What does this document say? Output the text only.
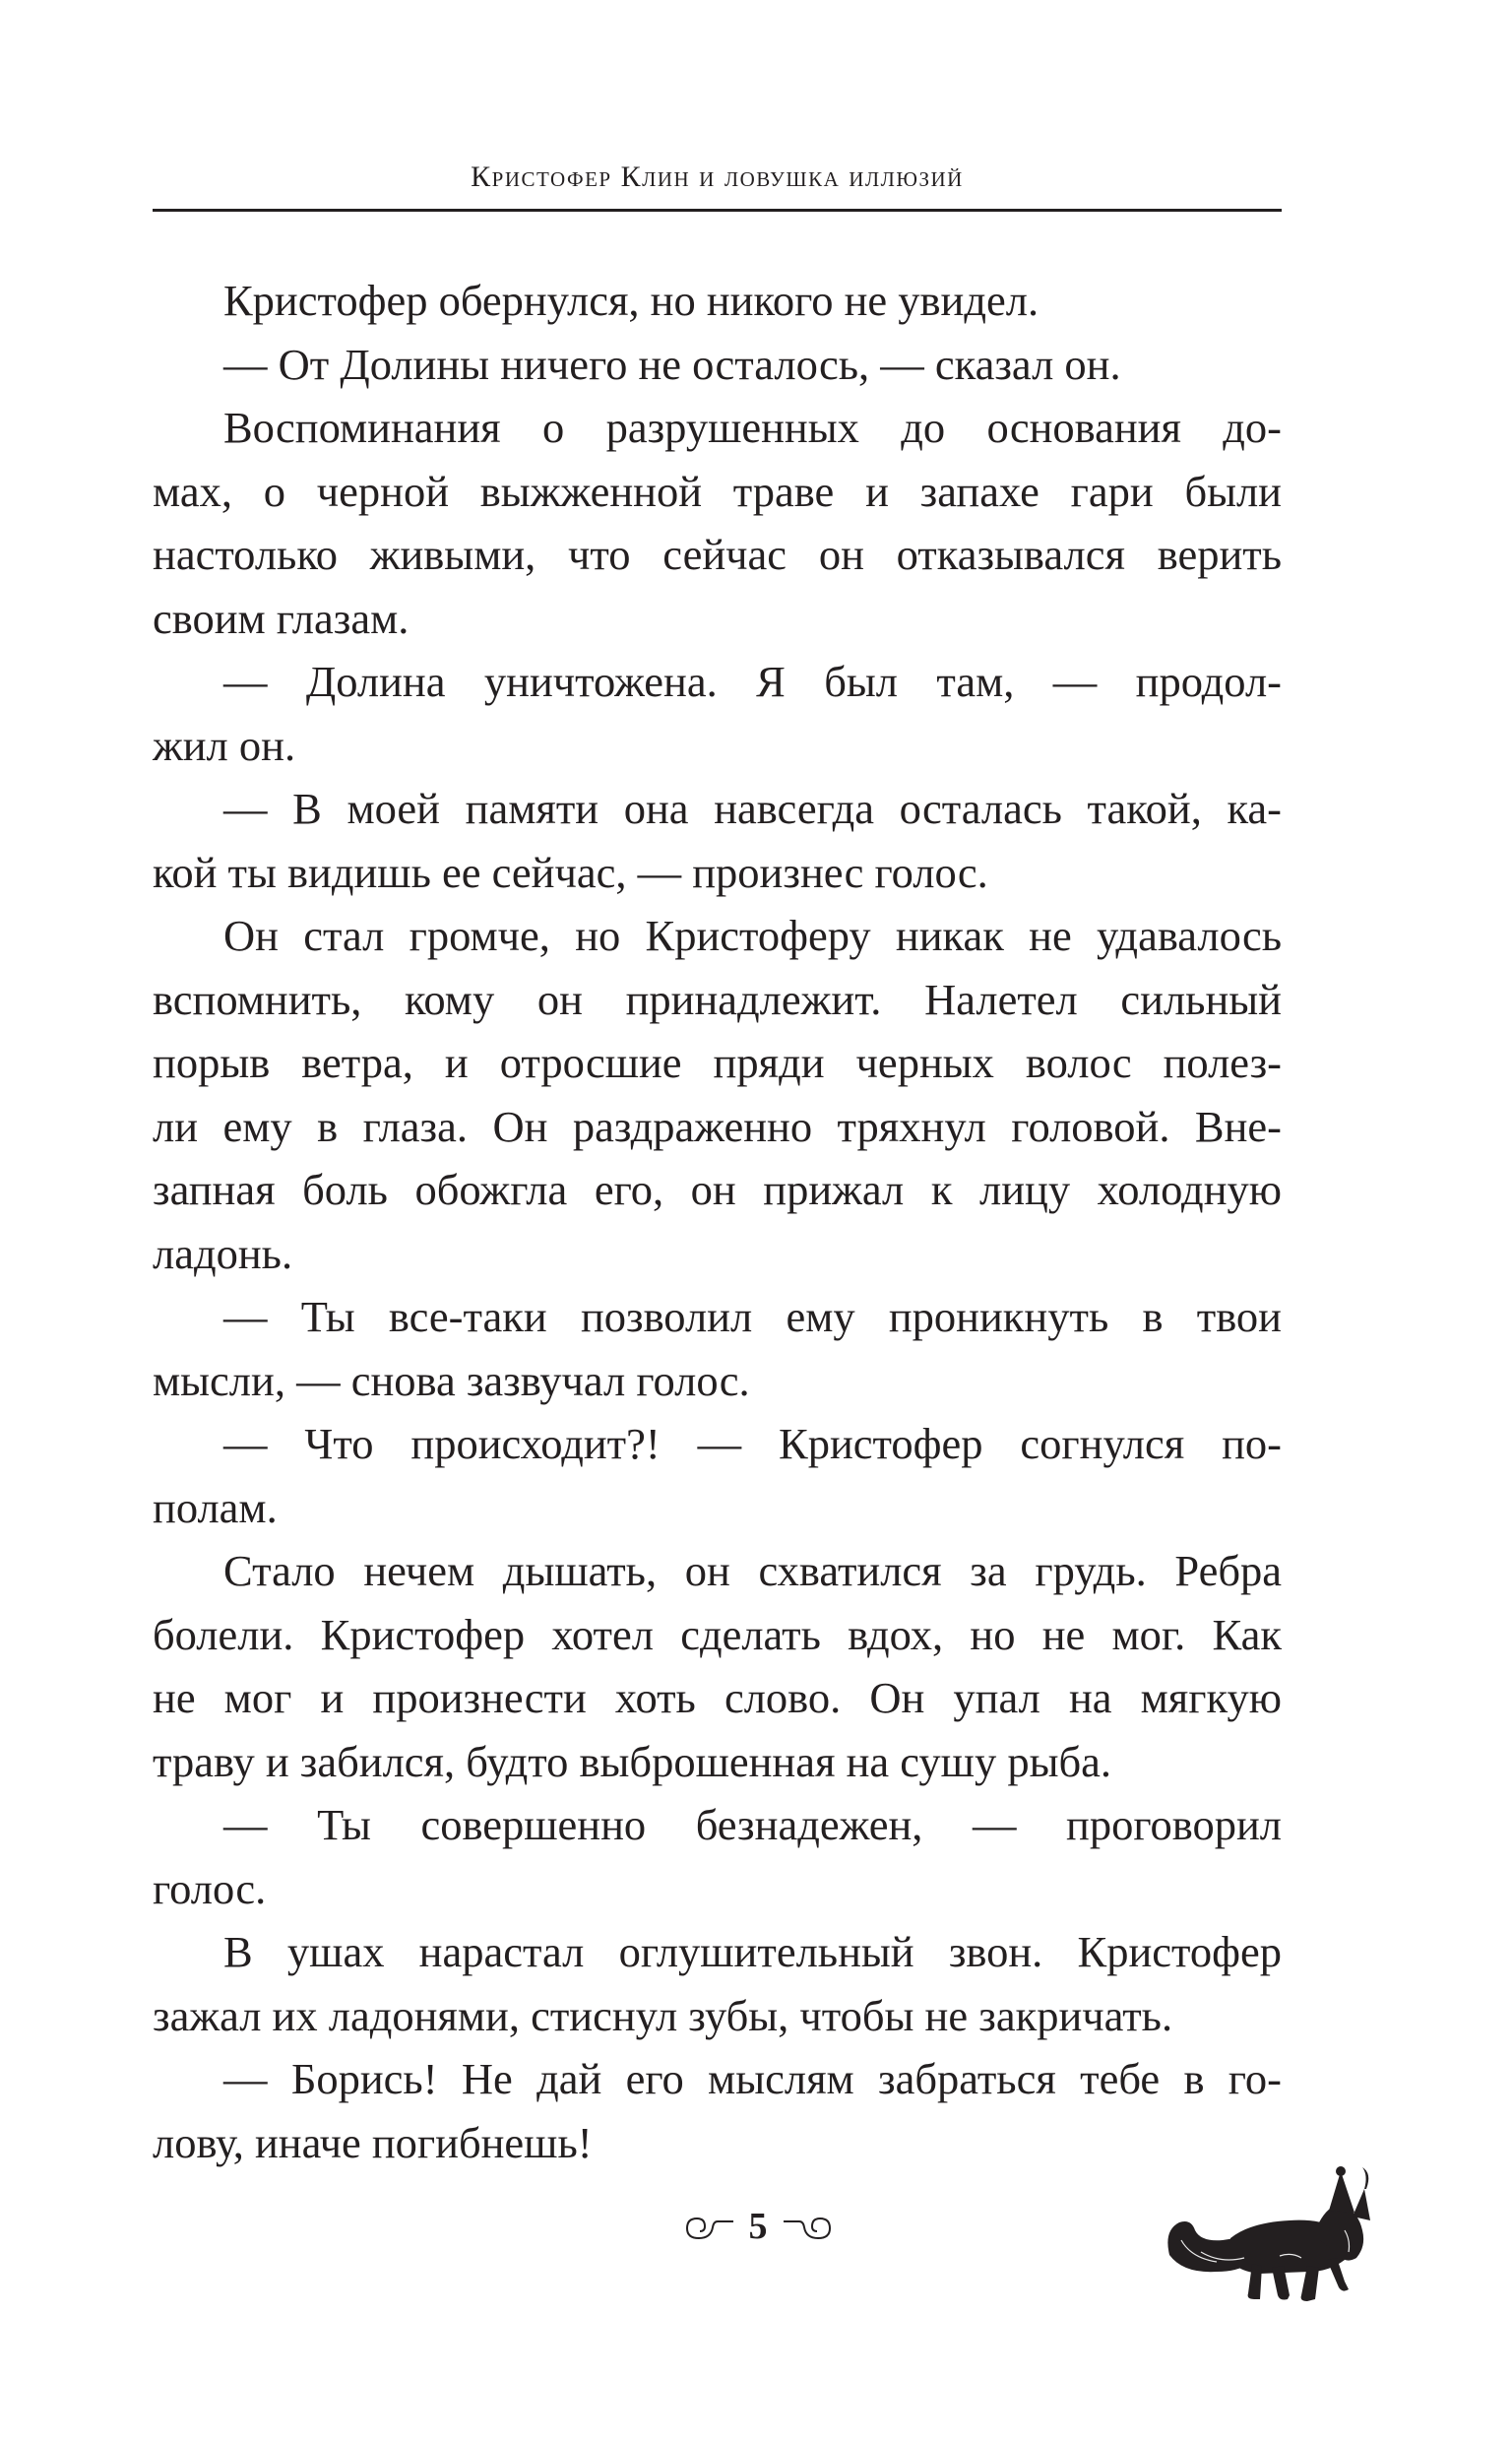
Кристофер Клин и ловушка иллюзий
Кристофер обернулся, но никого не увидел.
— От Долины ничего не осталось, — сказал он.
Воспоминания о разрушенных до основания до-
мах, о черной выжженной траве и запахе гари были
настолько живыми, что сейчас он отказывался верить
своим глазам.
— Долина уничтожена. Я был там, — продол-
жил он.
— В моей памяти она навсегда осталась такой, ка-
кой ты видишь ее сейчас, — произнес голос.
Он стал громче, но Кристоферу никак не удавалось
вспомнить, кому он принадлежит. Налетел сильный
порыв ветра, и отросшие пряди черных волос полез-
ли ему в глаза. Он раздраженно тряхнул головой. Вне-
запная боль обожгла его, он прижал к лицу холодную
ладонь.
— Ты все-таки позволил ему проникнуть в твои
мысли, — снова зазвучал голос.
— Что происходит?! — Кристофер согнулся по-
полам.
Стало нечем дышать, он схватился за грудь. Ребра
болели. Кристофер хотел сделать вдох, но не мог. Как
не мог и произнести хоть слово. Он упал на мягкую
траву и забился, будто выброшенная на сушу рыба.
— Ты совершенно безнадежен, — проговорил
голос.
В ушах нарастал оглушительный звон. Кристофер
зажал их ладонями, стиснул зубы, чтобы не закричать.
— Борись! Не дай его мыслям забраться тебе в го-
лову, иначе погибнешь!
5
